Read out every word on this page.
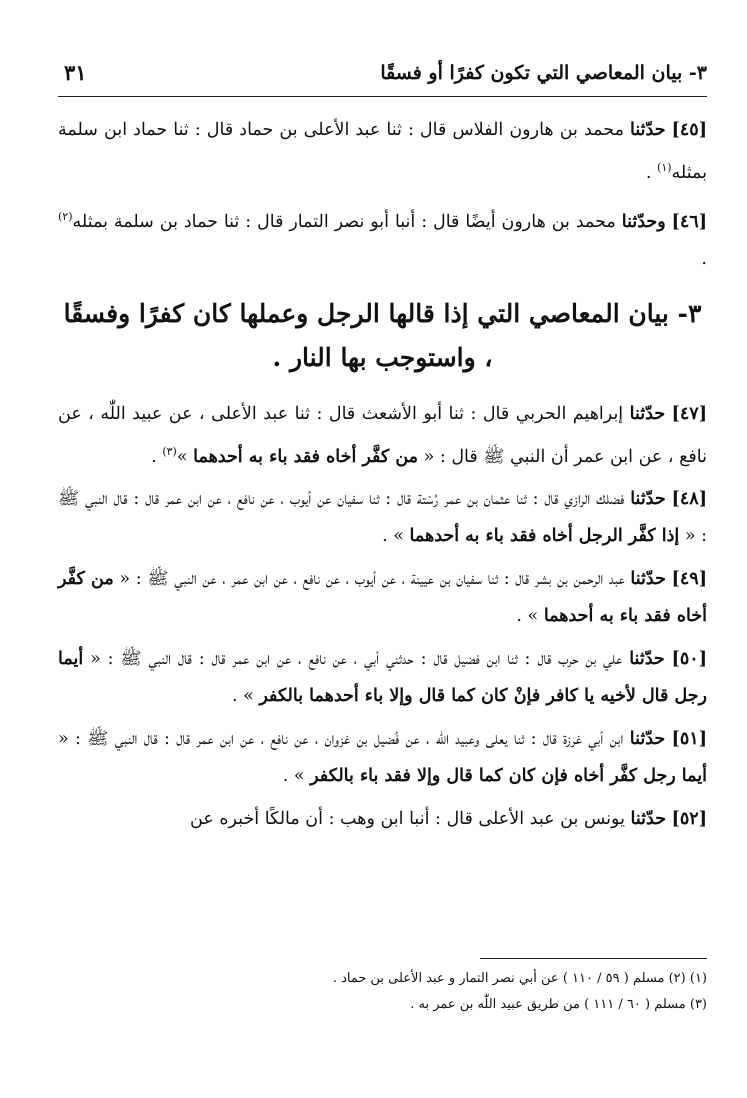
٣- بيان المعاصي التي تكون كفرًا أو فسقًا
٣١

[٤٥] حدّثنا محمد بن هارون الفلاس قال : ثنا عبد الأعلى بن حماد قال : ثنا حماد ابن سلمة بمثله$^{(١)}$ .

[٤٦] وحدّثنا محمد بن هارون أيضًا قال : أنبا أبو نصر التمار قال : ثنا حماد بن سلمة بمثله$^{(٢)}$ .

٣- بيان المعاصي التي إذا قالها الرجل وعملها كان كفرًا وفسقًا ، واستوجب بها النار .

[٤٧] حدّثنا إبراهيم الحربي قال : ثنا أبو الأشعث قال : ثنا عبد الأعلى ، عن عبيد اللّٰه ، عن نافع ، عن ابن عمر أن النبي ﷺ قال : « من كفَّر أخاه فقد باء به أحدهما »$^{(٣)}$ .

[٤٨] حدّثنا فضلك الرازي قال : ثنا عثمان بن عمر رُسْتة قال : ثنا سفيان عن أيوب ، عن نافع ، عن ابن عمر قال : قال النبي ﷺ : « إذا كفَّر الرجل أخاه فقد باء به أحدهما » .

[٤٩] حدّثنا عبد الرحمن بن بشر قال : ثنا سفيان بن عيينة ، عن أيوب ، عن نافع ، عن ابن عمر ، عن النبي ﷺ : « من كفَّر أخاه فقد باء به أحدهما » .

[٥٠] حدّثنا علي بن حرب قال : ثنا ابن فضيل قال : حدثني أبي ، عن نافع ، عن ابن عمر قال : قال النبي ﷺ : « أيما رجل قال لأخيه يا كافر فإنْ كان كما قال وإلا باء أحدهما بالكفر » .

[٥١] حدّثنا ابن أبي غرزة قال : ثنا يعلى وعبيد اللّٰه ، عن فُضيل بن غزوان ، عن نافع ، عن ابن عمر قال : قال النبي ﷺ : « أيما رجل كفَّر أخاه فإن كان كما قال وإلا فقد باء بالكفر » .

[٥٢] حدّثنا يونس بن عبد الأعلى قال : أنبا ابن وهب : أن مالكًا أخبره عن

(١) (٢) مسلم ( ٥٩ / ١١٠ ) عن أبي نصر التمار و عبد الأعلى بن حماد .
(٣) مسلم ( ٦٠ / ١١١ ) من طريق عبيد اللّٰه بن عمر به .
